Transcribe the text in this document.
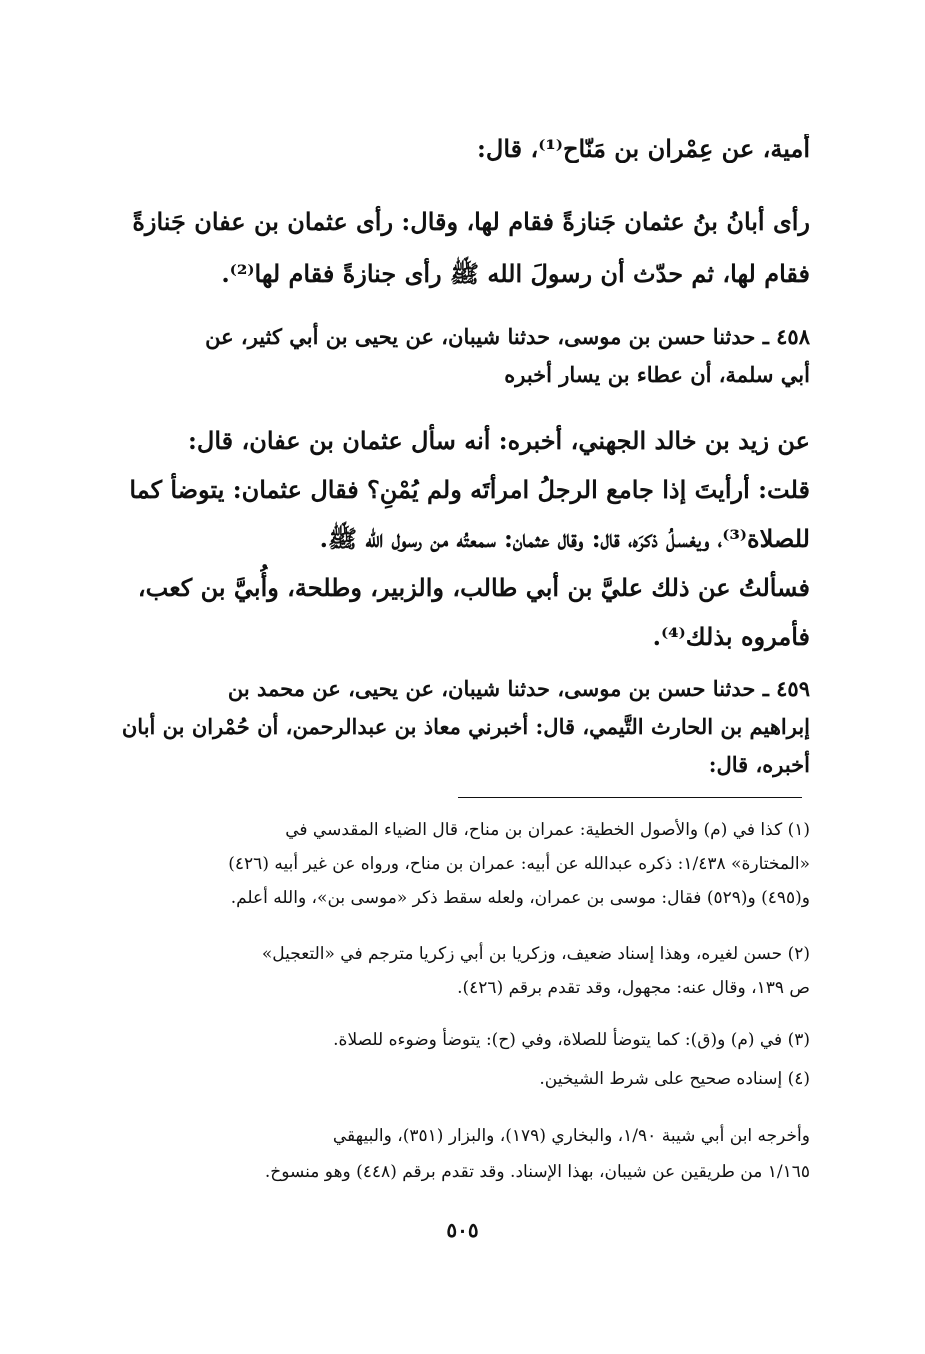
أمية، عن عِمْران بن مَنّاح⁽¹⁾، قال:
رأى أبانُ بنُ عثمان جَنازةً فقام لها، وقال: رأى عثمان بن عفان جَنازةً
فقام لها، ثم حدّث أن رسولَ الله ﷺ رأى جنازةً فقام لها⁽²⁾.
٤٥٨ ـ حدثنا حسن بن موسى، حدثنا شيبان، عن يحيى بن أبي كثير، عن
أبي سلمة، أن عطاء بن يسار أخبره
عن زيد بن خالد الجهني، أخبره: أنه سأل عثمان بن عفان، قال:
قلت: أرأيتَ إذا جامع الرجلُ امرأتَه ولم يُمْنِ؟ فقال عثمان: يتوضأ كما
للصلاة⁽³⁾، ويغسلُ ذكرَه، قال: وقال عثمان: سمعتُه من رسول الله ﷺ.
فسألتُ عن ذلك عليَّ بن أبي طالب، والزبير، وطلحة، وأُبيَّ بن كعب،
فأمروه بذلك⁽⁴⁾.
٤٥٩ ـ حدثنا حسن بن موسى، حدثنا شيبان، عن يحيى، عن محمد بن
إبراهيم بن الحارث التَّيمي، قال: أخبرني معاذ بن عبدالرحمن، أن حُمْران بن أبان
أخبره، قال:
(١) كذا في (م) والأصول الخطية: عمران بن مناح، قال الضياء المقدسي في
«المختارة» ١/٤٣٨: ذكره عبدالله عن أبيه: عمران بن مناح، ورواه عن غير أبيه (٤٢٦)
و(٤٩٥) و(٥٢٩) فقال: موسى بن عمران، ولعله سقط ذكر «موسى بن»، والله أعلم.
(٢) حسن لغيره، وهذا إسناد ضعيف، وزكريا بن أبي زكريا مترجم في «التعجيل»
ص ١٣٩، وقال عنه: مجهول، وقد تقدم برقم (٤٢٦).
(٣) في (م) و(ق): كما يتوضأ للصلاة، وفي (ح): يتوضأ وضوءه للصلاة.
(٤) إسناده صحيح على شرط الشيخين.
وأخرجه ابن أبي شيبة ١/٩٠، والبخاري (١٧٩)، والبزار (٣٥١)، والبيهقي
١/١٦٥ من طريقين عن شيبان، بهذا الإسناد. وقد تقدم برقم (٤٤٨) وهو منسوخ.
٥٠٥
